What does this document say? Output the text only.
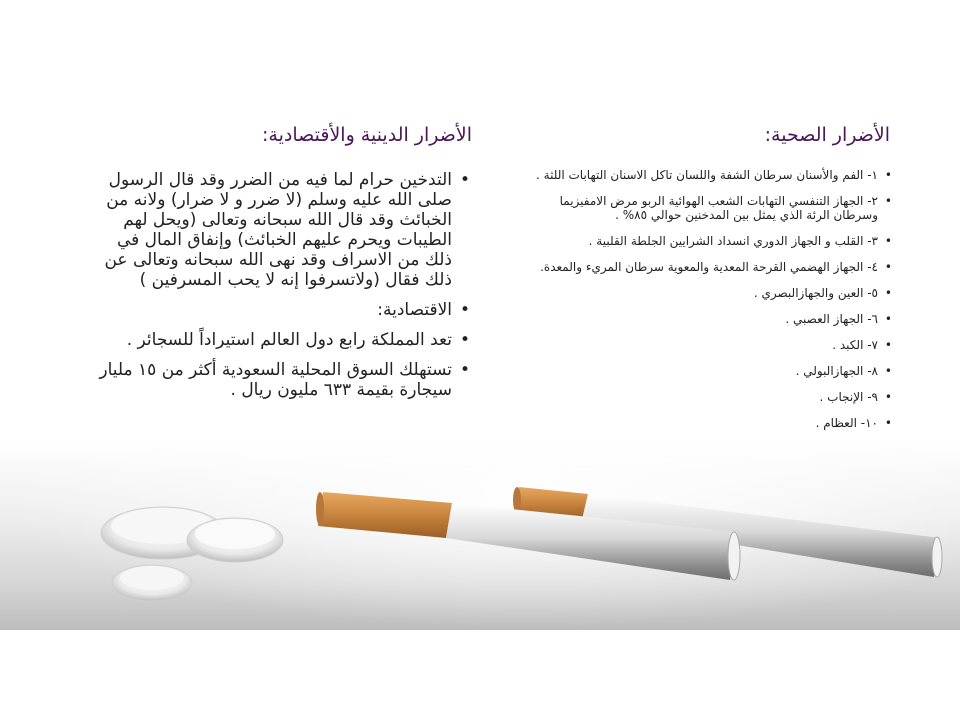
الأضرار الصحية:
الأضرار الدينية والأقتصادية:
• ١- الفم والأسنان سرطان الشفة واللسان تاكل الاسنان التهابات اللثة .
• ٢- الجهاز التنفسي التهابات الشعب الهوائية الربو مرض الامفيزيما وسرطان الرئة الذي يمثل بين المدخنين حوالي ٨٥% .
• ٣- القلب و الجهاز الدوري انسداد الشرايين الجلطة القلبية .
• ٤- الجهاز الهضمي القرحة المعدية والمعوية سرطان المريء والمعدة.
• ٥- العين والجهازالبصري .
• ٦- الجهاز العصبي .
• ٧- الكبد .
• ٨- الجهازالبولي .
• ٩- الإنجاب .
• ١٠- العظام .
• التدخين حرام لما فيه من الضرر وقد قال الرسول صلى الله عليه وسلم (لا ضرر و لا ضرار) ولانه من الخبائث وقد قال الله سبحانه وتعالى (ويحل لهم الطيبات ويحرم عليهم الخبائث) وإنفاق المال في ذلك من الاسراف وقد نهى الله سبحانه وتعالى عن ذلك فقال (ولاتسرفوا إنه لا يحب المسرفين )
• الاقتصادية:
• تعد المملكة رابع دول العالم استيراداً للسجائر .
• تستهلك السوق المحلية السعودية أكثر من ١٥ مليار سيجارة بقيمة ٦٣٣ مليون ريال .
